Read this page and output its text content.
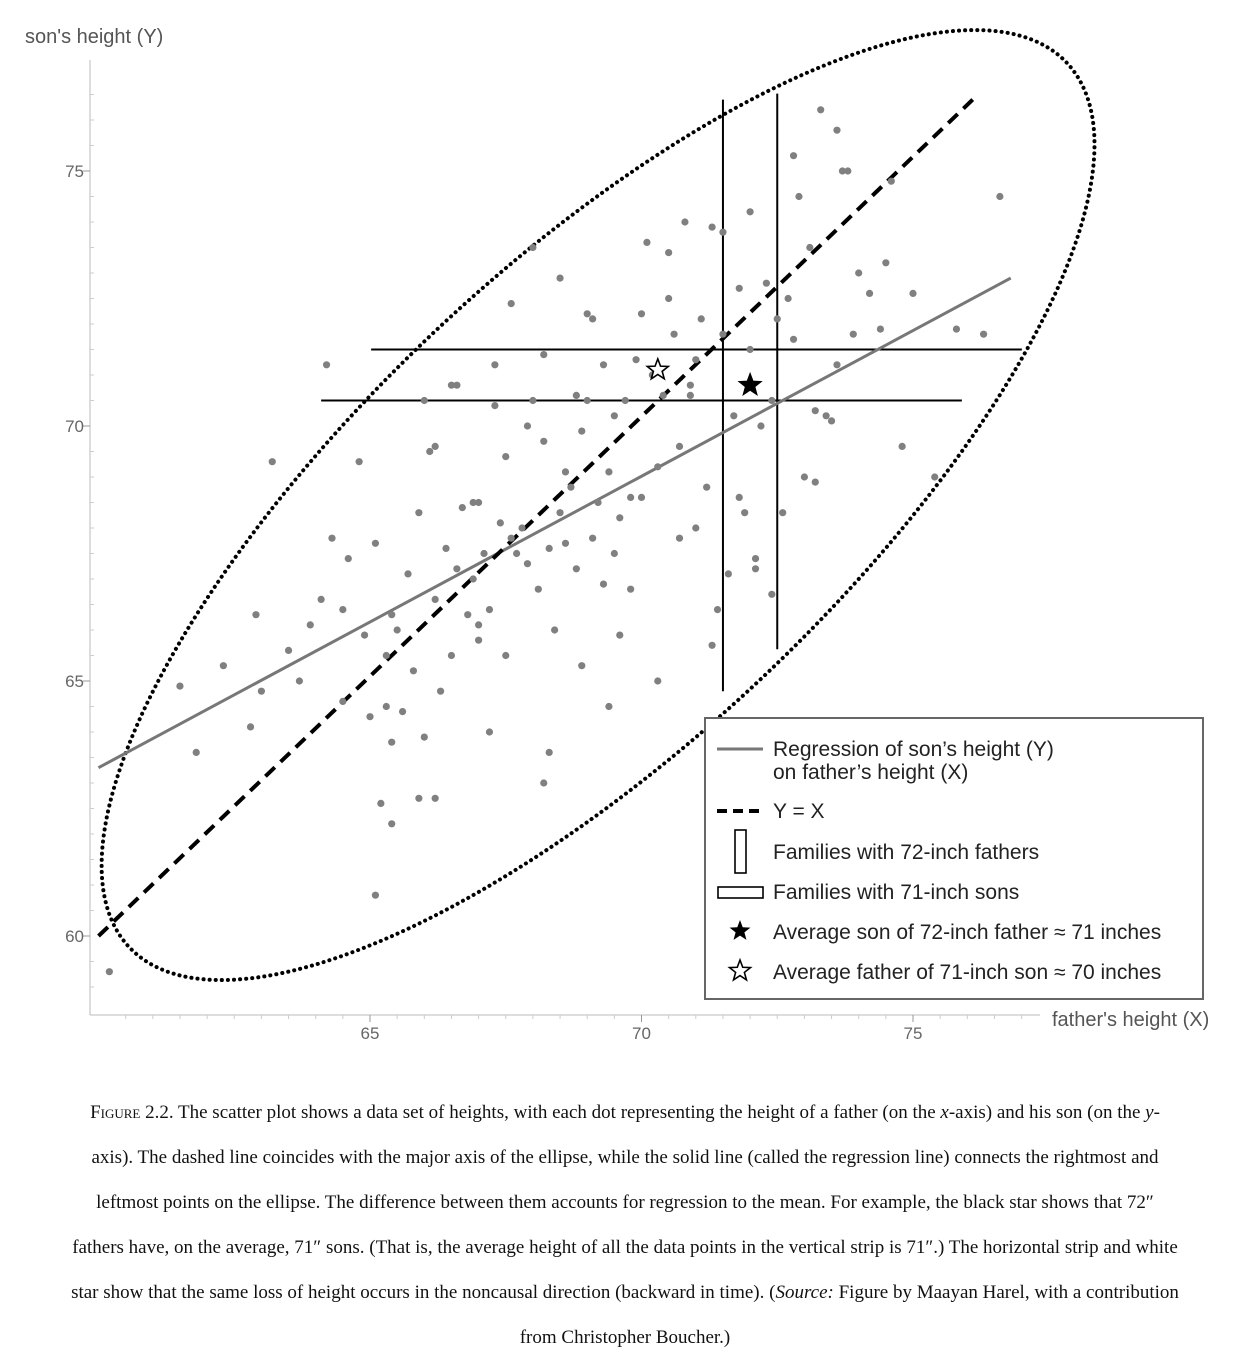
son's height (Y)
father's height (X)
65	70	75
60
65
70
75
Regression of son’s height (Y)
on father’s height (X)
Y = X
Families with 72-inch fathers
Families with 71-inch sons
Average son of 72-inch father ≈ 71 inches
Average father of 71-inch son ≈ 70 inches

Figure 2.2. The scatter plot shows a data set of heights, with each dot representing the height of a father (on the x-axis) and his son (on the y-axis). The dashed line coincides with the major axis of the ellipse, while the solid line (called the regression line) connects the rightmost and leftmost points on the ellipse. The difference between them accounts for regression to the mean. For example, the black star shows that 72″ fathers have, on the average, 71″ sons. (That is, the average height of all the data points in the vertical strip is 71″.) The horizontal strip and white star show that the same loss of height occurs in the noncausal direction (backward in time). (Source: Figure by Maayan Harel, with a contribution from Christopher Boucher.)
